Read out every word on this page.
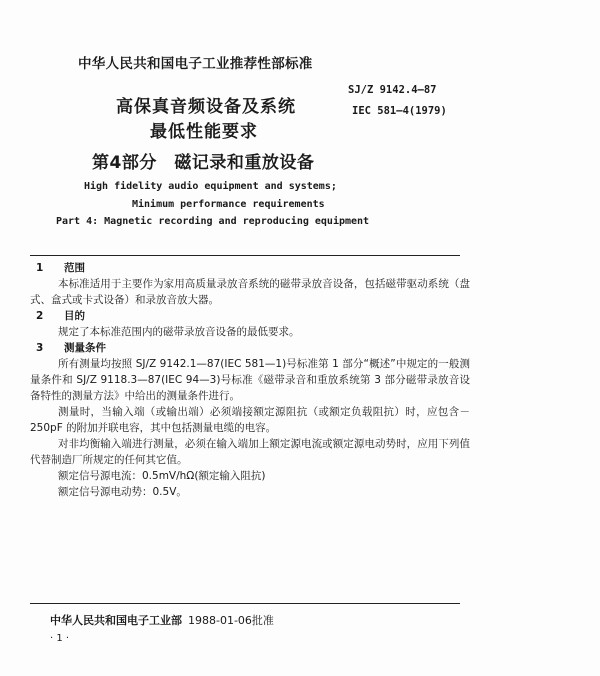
中华人民共和国电子工业推荐性部标准
高保真音频设备及系统
最低性能要求
第4部分　磁记录和重放设备
SJ/Z 9142.4—87
IEC 581—4(1979)
High fidelity audio equipment and systems;
Minimum performance requirements
Part 4: Magnetic recording and reproducing equipment

1 范围

本标准适用于主要作为家用高质量录放音系统的磁带录放音设备，包括磁带驱动系统（盘式、盒式或卡式设备）和录放音放大器。

2 目的

规定了本标准范围内的磁带录放音设备的最低要求。

3 测量条件

所有测量均按照 SJ/Z 9142.1—87(IEC 581—1)号标准第 1 部分“概述”中规定的一般测量条件和 SJ/Z 9118.3—87(IEC 94—3)号标准《磁带录音和重放系统第 3 部分磁带录放音设备特性的测量方法》中给出的测量条件进行。

测量时，当输入端（或输出端）必须端接额定源阻抗（或额定负载阻抗）时，应包含－250pF 的附加并联电容，其中包括测量电缆的电容。

对非均衡输入端进行测量，必须在输入端加上额定源电流或额定源电动势时，应用下列值代替制造厂所规定的任何其它值。

额定信号源电流：0.5mV/hΩ(额定输入阻抗)

额定信号源电动势：0.5V。

中华人民共和国电子工业部 1988-01-06批准
· 1 ·
